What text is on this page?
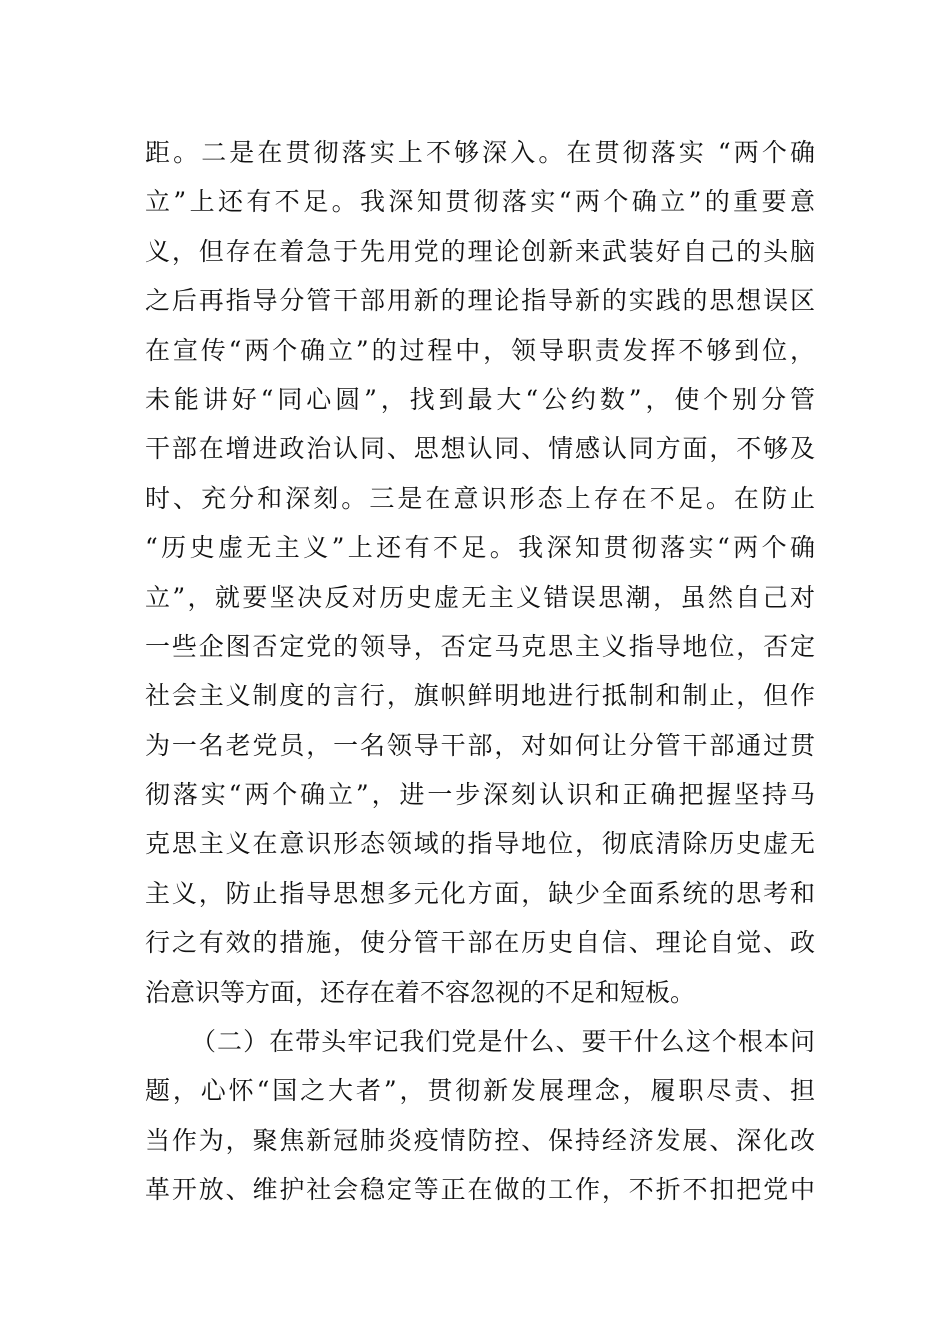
距。二是在贯彻落实上不够深入。在贯彻落实 “两个确
立”上还有不足。我深知贯彻落实“两个确立”的重要意
义，但存在着急于先用党的理论创新来武装好自己的头脑
之后再指导分管干部用新的理论指导新的实践的思想误区
在宣传“两个确立”的过程中，领导职责发挥不够到位，
未能讲好“同心圆”，找到最大“公约数”，使个别分管
干部在增进政治认同、思想认同、情感认同方面，不够及
时、充分和深刻。三是在意识形态上存在不足。在防止
“历史虚无主义”上还有不足。我深知贯彻落实“两个确
立”，就要坚决反对历史虚无主义错误思潮，虽然自己对
一些企图否定党的领导，否定马克思主义指导地位，否定
社会主义制度的言行，旗帜鲜明地进行抵制和制止，但作
为一名老党员，一名领导干部，对如何让分管干部通过贯
彻落实“两个确立”，进一步深刻认识和正确把握坚持马
克思主义在意识形态领域的指导地位，彻底清除历史虚无
主义，防止指导思想多元化方面，缺少全面系统的思考和
行之有效的措施，使分管干部在历史自信、理论自觉、政
治意识等方面，还存在着不容忽视的不足和短板。
（二）在带头牢记我们党是什么、要干什么这个根本问
题，心怀“国之大者”，贯彻新发展理念，履职尽责、担
当作为，聚焦新冠肺炎疫情防控、保持经济发展、深化改
革开放、维护社会稳定等正在做的工作，不折不扣把党中
